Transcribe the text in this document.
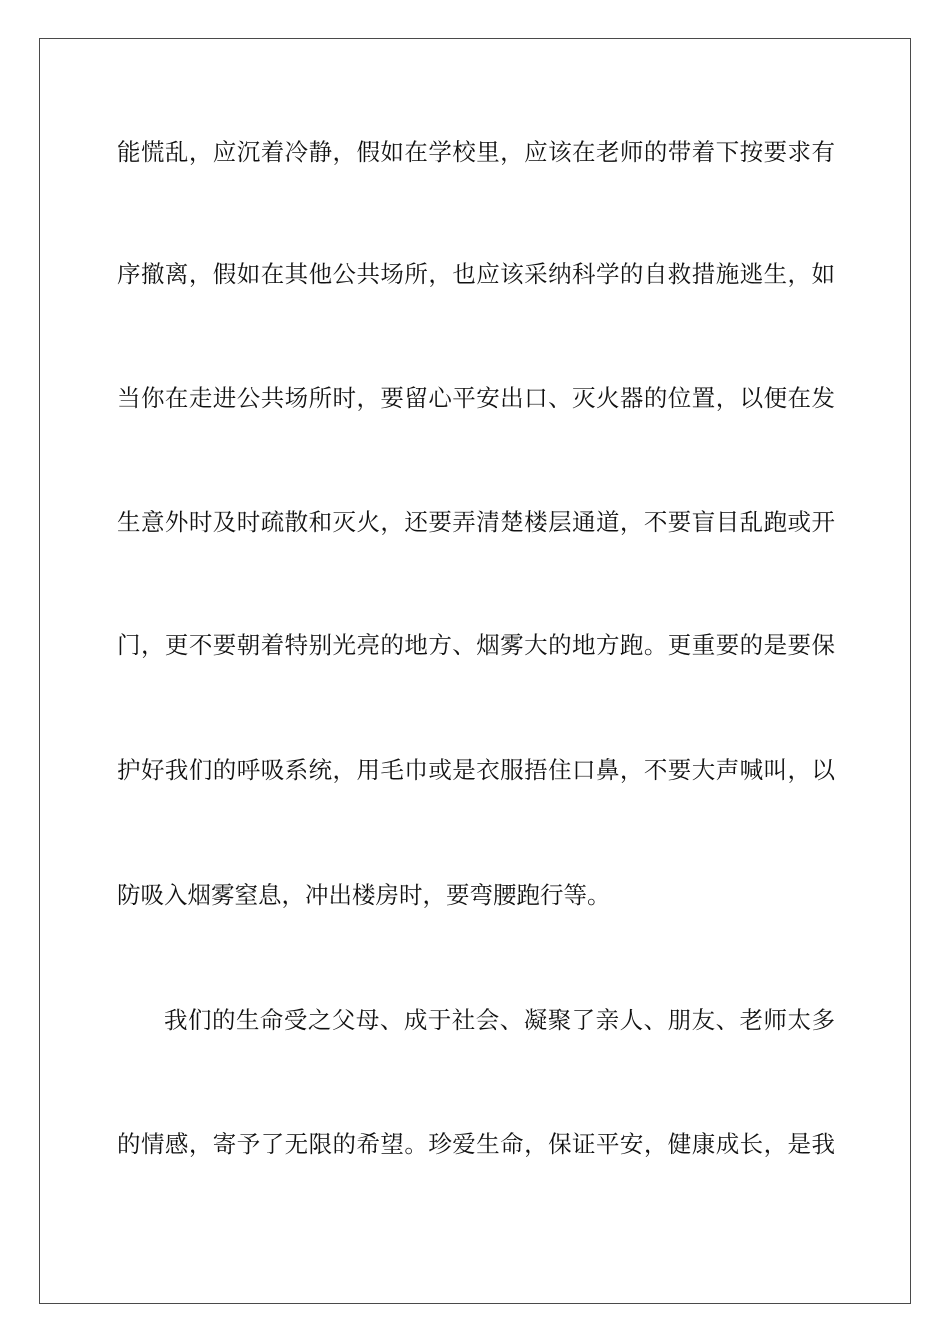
能慌乱，应沉着冷静，假如在学校里，应该在老师的带着下按要求有
序撤离，假如在其他公共场所，也应该采纳科学的自救措施逃生，如
当你在走进公共场所时，要留心平安出口、灭火器的位置，以便在发
生意外时及时疏散和灭火，还要弄清楚楼层通道，不要盲目乱跑或开
门，更不要朝着特别光亮的地方、烟雾大的地方跑。更重要的是要保
护好我们的呼吸系统，用毛巾或是衣服捂住口鼻，不要大声喊叫，以
防吸入烟雾窒息，冲出楼房时，要弯腰跑行等。
我们的生命受之父母、成于社会、凝聚了亲人、朋友、老师太多
的情感，寄予了无限的希望。珍爱生命，保证平安，健康成长，是我
